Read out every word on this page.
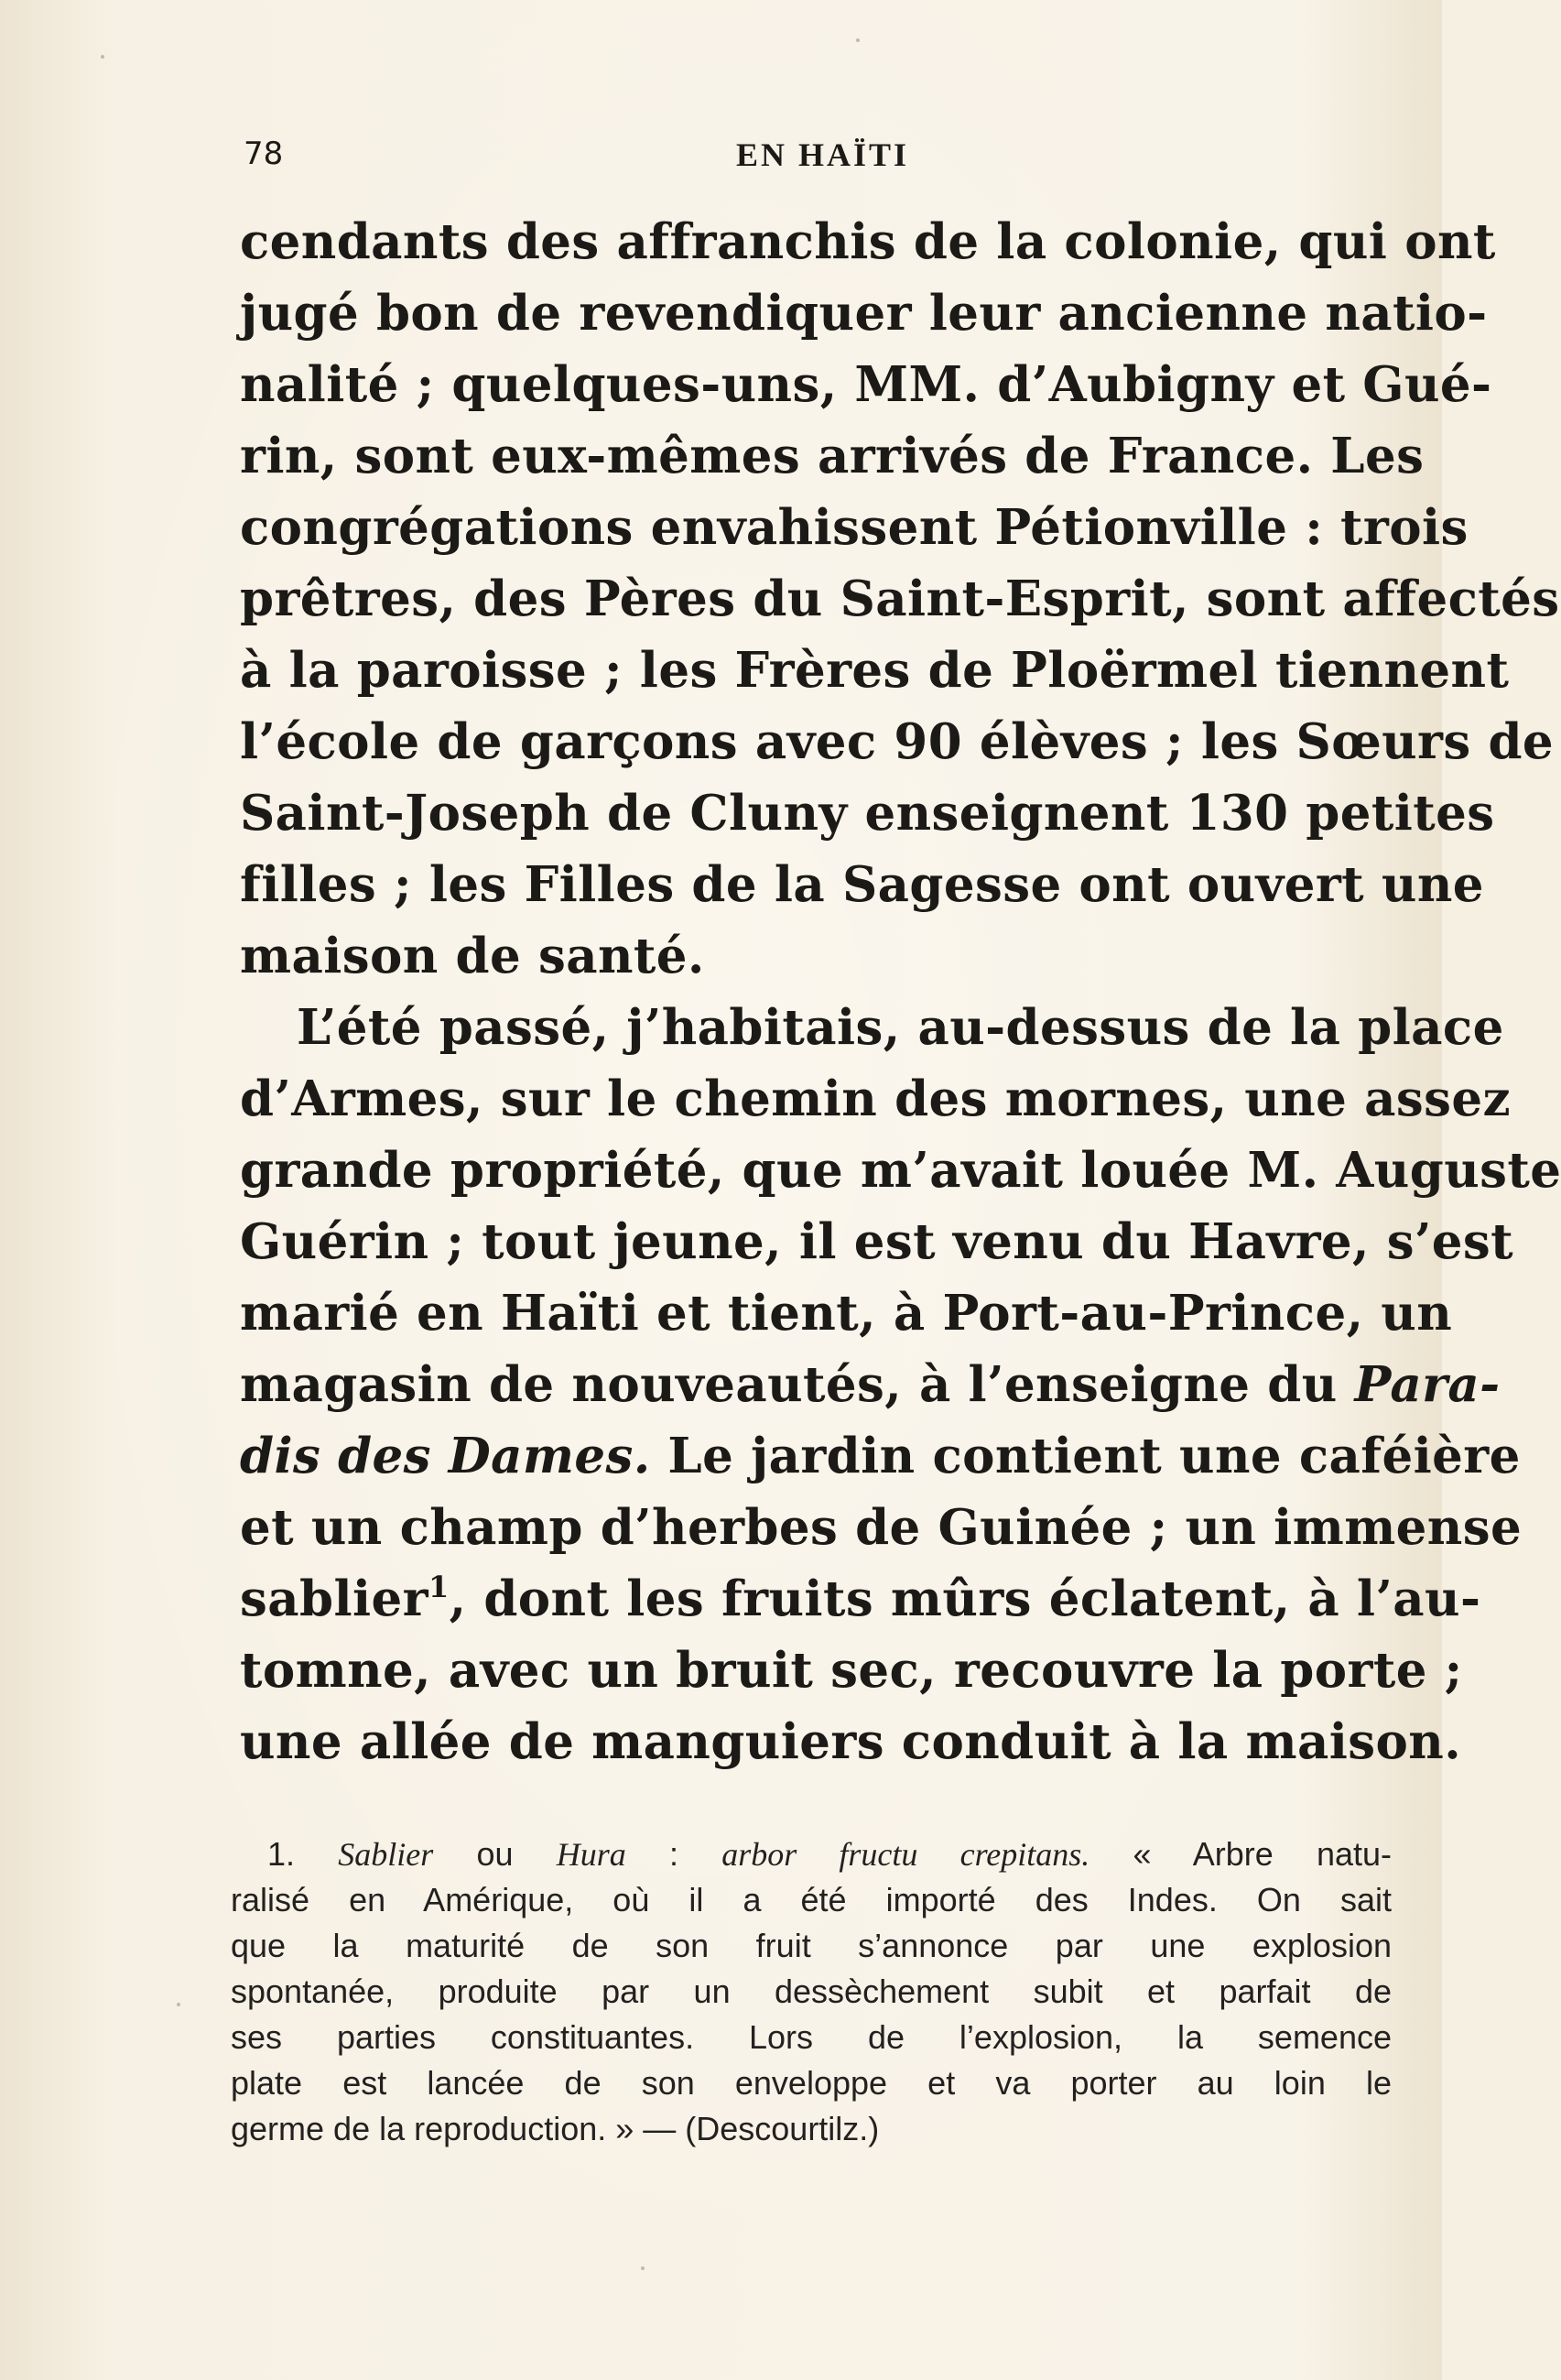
78	EN HAÏTI
cendants des affranchis de la colonie, qui ont
jugé bon de revendiquer leur ancienne natio-
nalité ; quelques-uns, MM. d’Aubigny et Gué-
rin, sont eux-mêmes arrivés de France. Les
congrégations envahissent Pétionville : trois
prêtres, des Pères du Saint-Esprit, sont affectés
à la paroisse ; les Frères de Ploërmel tiennent
l’école de garçons avec 90 élèves ; les Sœurs de
Saint-Joseph de Cluny enseignent 130 petites
filles ; les Filles de la Sagesse ont ouvert une
maison de santé.
L’été passé, j’habitais, au-dessus de la place
d’Armes, sur le chemin des mornes, une assez
grande propriété, que m’avait louée M. Auguste
Guérin ; tout jeune, il est venu du Havre, s’est
marié en Haïti et tient, à Port-au-Prince, un
magasin de nouveautés, à l’enseigne du Para-
dis des Dames. Le jardin contient une caféière
et un champ d’herbes de Guinée ; un immense
sablier$^1$, dont les fruits mûrs éclatent, à l’au-
tomne, avec un bruit sec, recouvre la porte ;
une allée de manguiers conduit à la maison.
1. Sablier ou Hura : arbor fructu crepitans. « Arbre natu-
ralisé en Amérique, où il a été importé des Indes. On sait
que la maturité de son fruit s’annonce par une explosion
spontanée, produite par un dessèchement subit et parfait de
ses parties constituantes. Lors de l’explosion, la semence
plate est lancée de son enveloppe et va porter au loin le
germe de la reproduction. » — (Descourtilz.)
